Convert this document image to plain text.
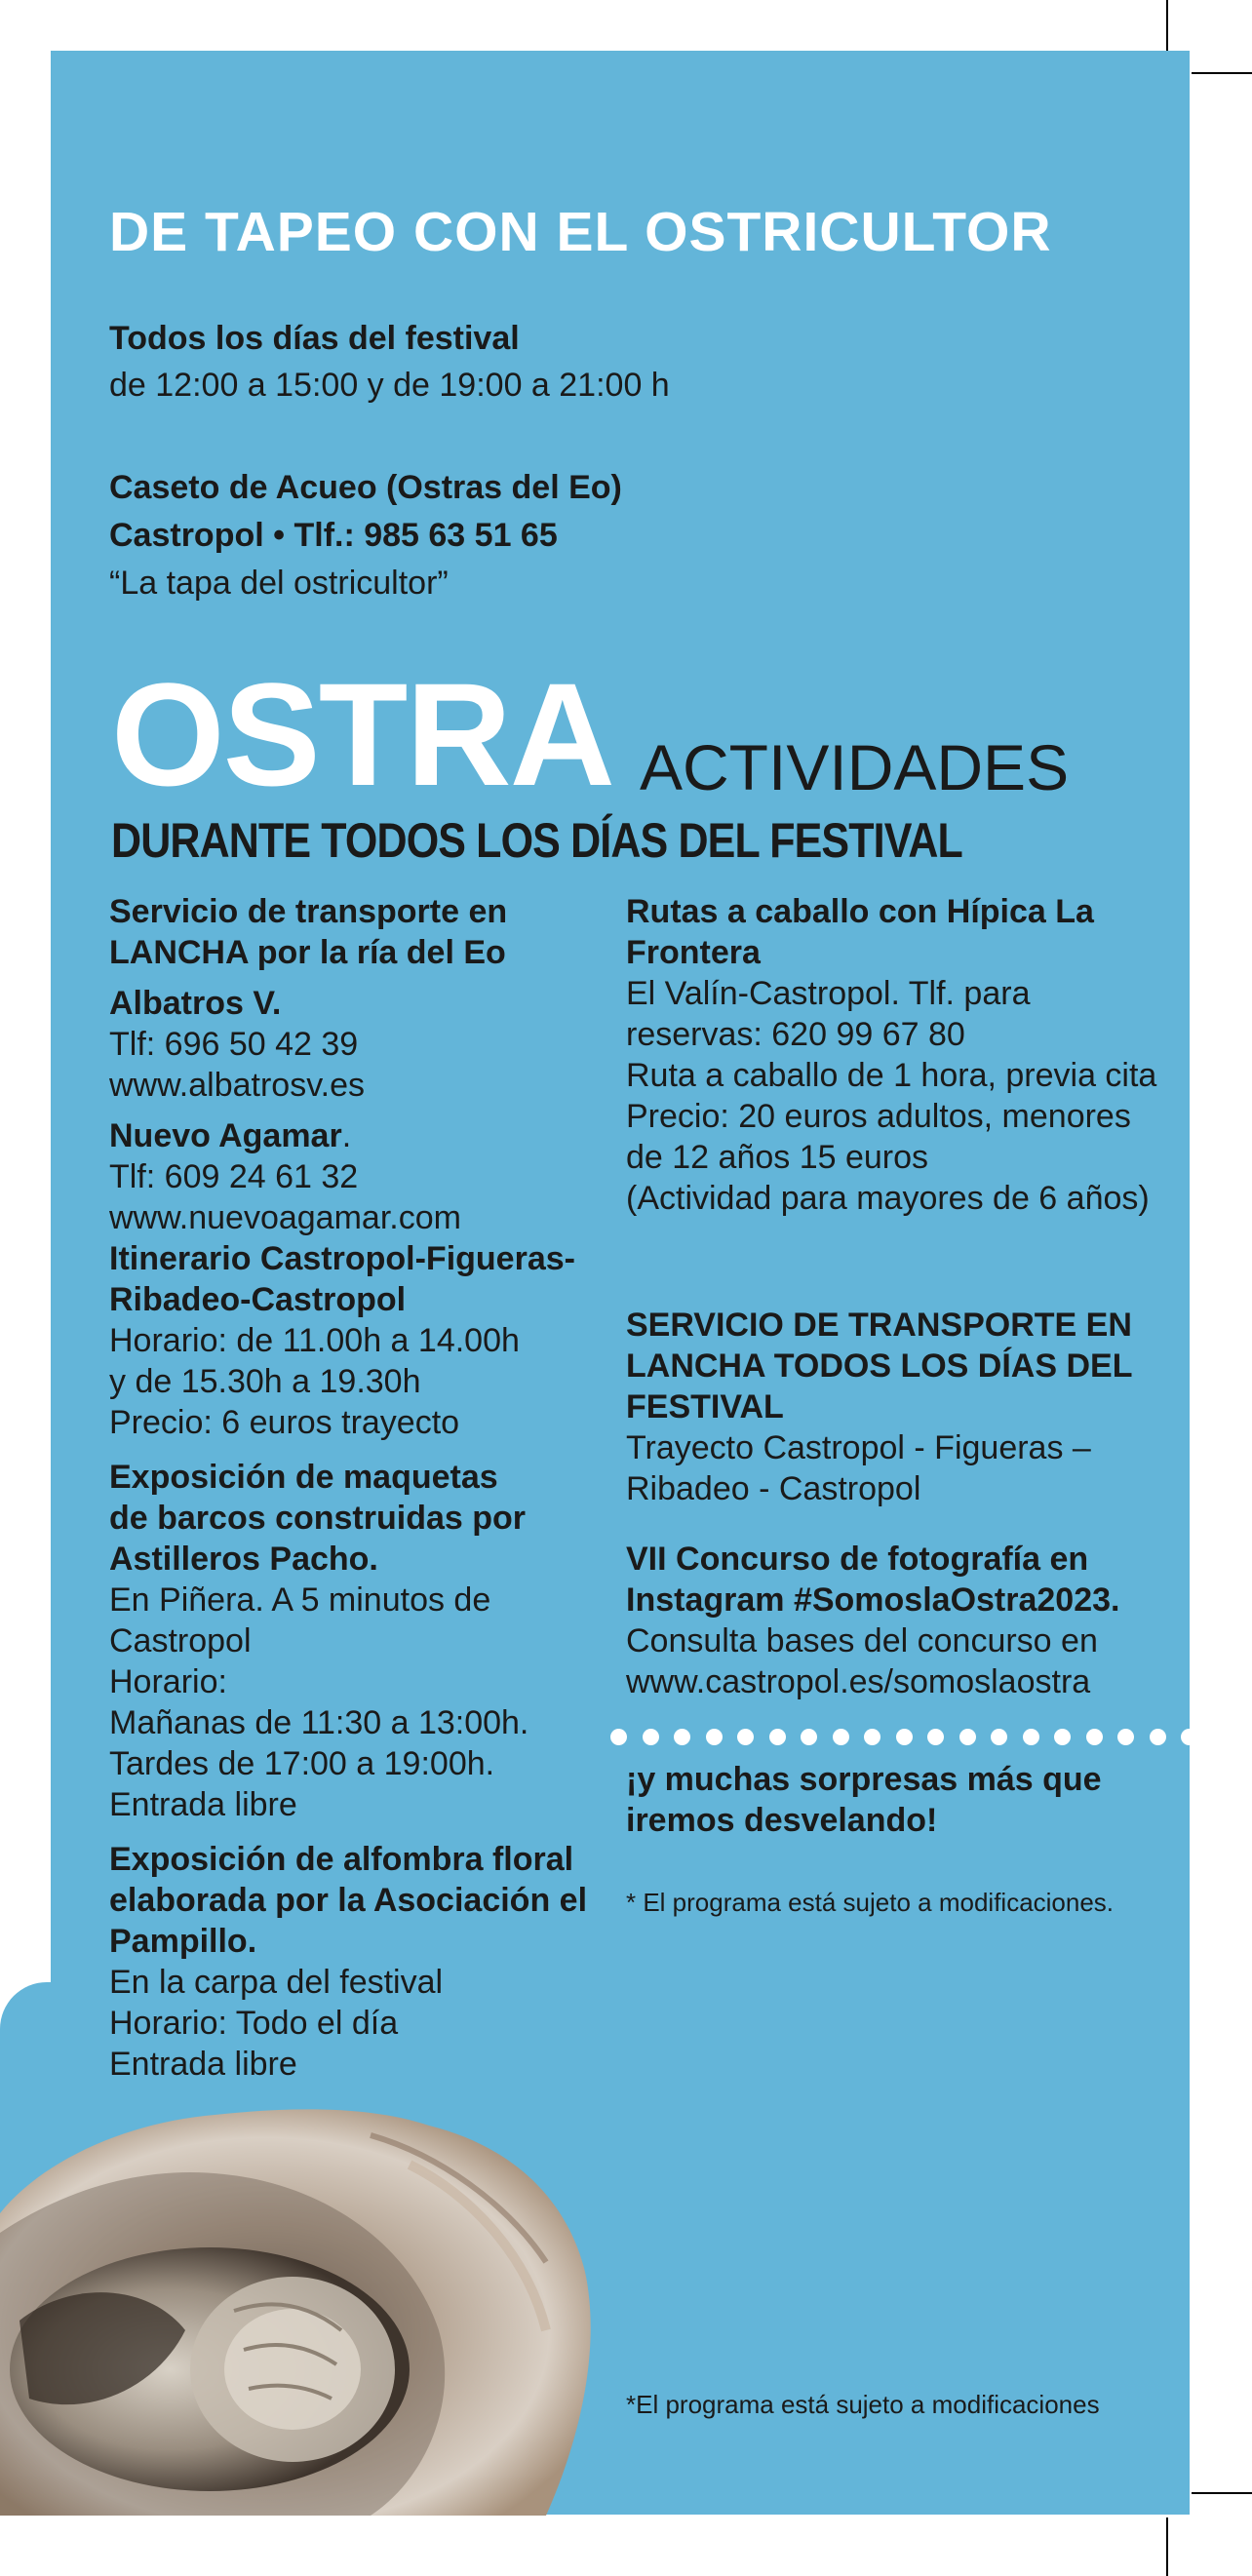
DE TAPEO CON EL OSTRICULTOR
Todos los días del festival
de 12:00 a 15:00 y de 19:00 a 21:00 h
Caseto de Acueo (Ostras del Eo)
Castropol • Tlf.: 985 63 51 65
“La tapa del ostricultor”
OSTRA ACTIVIDADES
DURANTE TODOS LOS DÍAS DEL FESTIVAL
Servicio de transporte en
LANCHA por la ría del Eo
Albatros V.
Tlf: 696 50 42 39
www.albatrosv.es
Nuevo Agamar.
Tlf: 609 24 61 32
www.nuevoagamar.com
Itinerario Castropol-Figueras-
Ribadeo-Castropol
Horario: de 11.00h a 14.00h
y de 15.30h a 19.30h
Precio: 6 euros trayecto
Exposición de maquetas
de barcos construidas por
Astilleros Pacho.
En Piñera. A 5 minutos de
Castropol
Horario:
Mañanas de 11:30 a 13:00h.
Tardes de 17:00 a 19:00h.
Entrada libre
Exposición de alfombra floral
elaborada por la Asociación el
Pampillo.
En la carpa del festival
Horario: Todo el día
Entrada libre
Rutas a caballo con Hípica La
Frontera
El Valín-Castropol. Tlf. para
reservas: 620 99 67 80
Ruta a caballo de 1 hora, previa cita
Precio: 20 euros adultos, menores
de 12 años 15 euros
(Actividad para mayores de 6 años)
SERVICIO DE TRANSPORTE EN
LANCHA TODOS LOS DÍAS DEL
FESTIVAL
Trayecto Castropol - Figueras –
Ribadeo - Castropol
VII Concurso de fotografía en
Instagram #SomoslaOstra2023.
Consulta bases del concurso en
www.castropol.es/somoslaostra
¡y muchas sorpresas más que
iremos desvelando!
* El programa está sujeto a modificaciones.
*El programa está sujeto a modificaciones
